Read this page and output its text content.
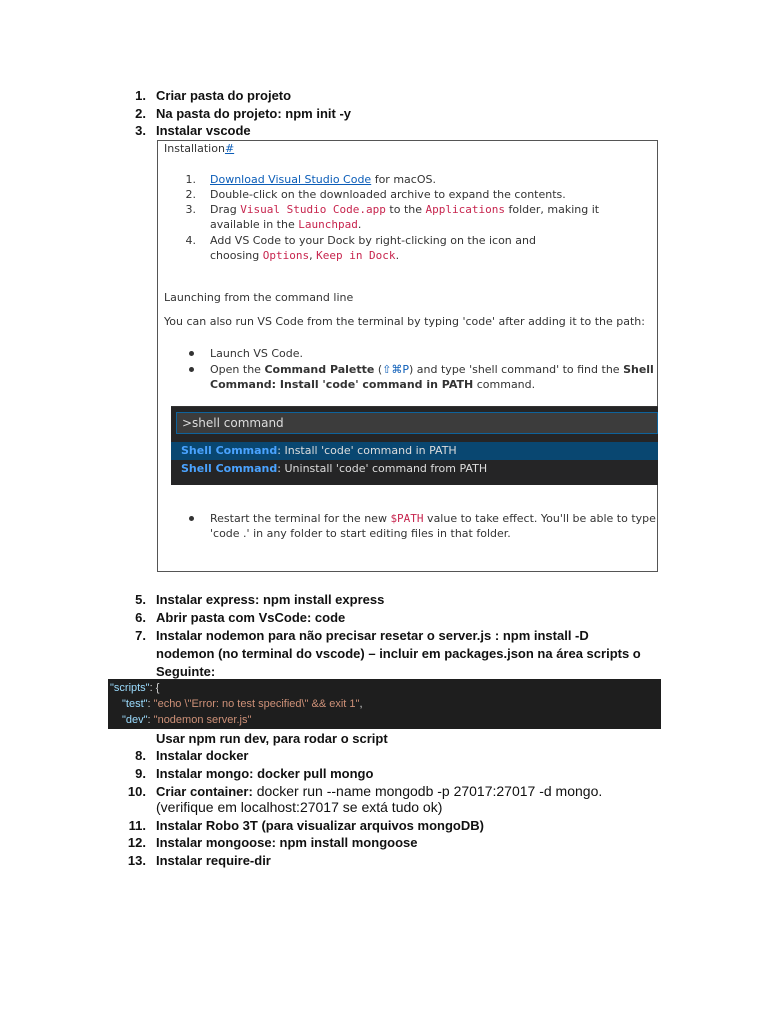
1. Criar pasta do projeto
2. Na pasta do projeto: npm init -y
3. Instalar vscode
Installation#
1. Download Visual Studio Code for macOS.
2. Double-click on the downloaded archive to expand the contents.
3. Drag Visual Studio Code.app to the Applications folder, making it
available in the Launchpad.
4. Add VS Code to your Dock by right-clicking on the icon and
choosing Options, Keep in Dock.
Launching from the command line
You can also run VS Code from the terminal by typing 'code' after adding it to the path:
Launch VS Code.
Open the Command Palette (⇧⌘P) and type 'shell command' to find the Shell
Command: Install 'code' command in PATH command.
>shell command
Shell Command: Install 'code' command in PATH
Shell Command: Uninstall 'code' command from PATH
Restart the terminal for the new $PATH value to take effect. You'll be able to type
'code .' in any folder to start editing files in that folder.
5. Instalar express: npm install express
6. Abrir pasta com VsCode: code
7. Instalar nodemon para não precisar resetar o server.js : npm install -D
nodemon (no terminal do vscode) – incluir em packages.json na área scripts o
Seguinte:
"scripts": {
"test": "echo \"Error: no test specified\" && exit 1",
"dev": "nodemon server.js"
Usar npm run dev, para rodar o script
8. Instalar docker
9. Instalar mongo: docker pull mongo
10. Criar container: docker run --name mongodb -p 27017:27017 -d mongo.
(verifique em localhost:27017 se extá tudo ok)
11. Instalar Robo 3T (para visualizar arquivos mongoDB)
12. Instalar mongoose: npm install mongoose
13. Instalar require-dir
